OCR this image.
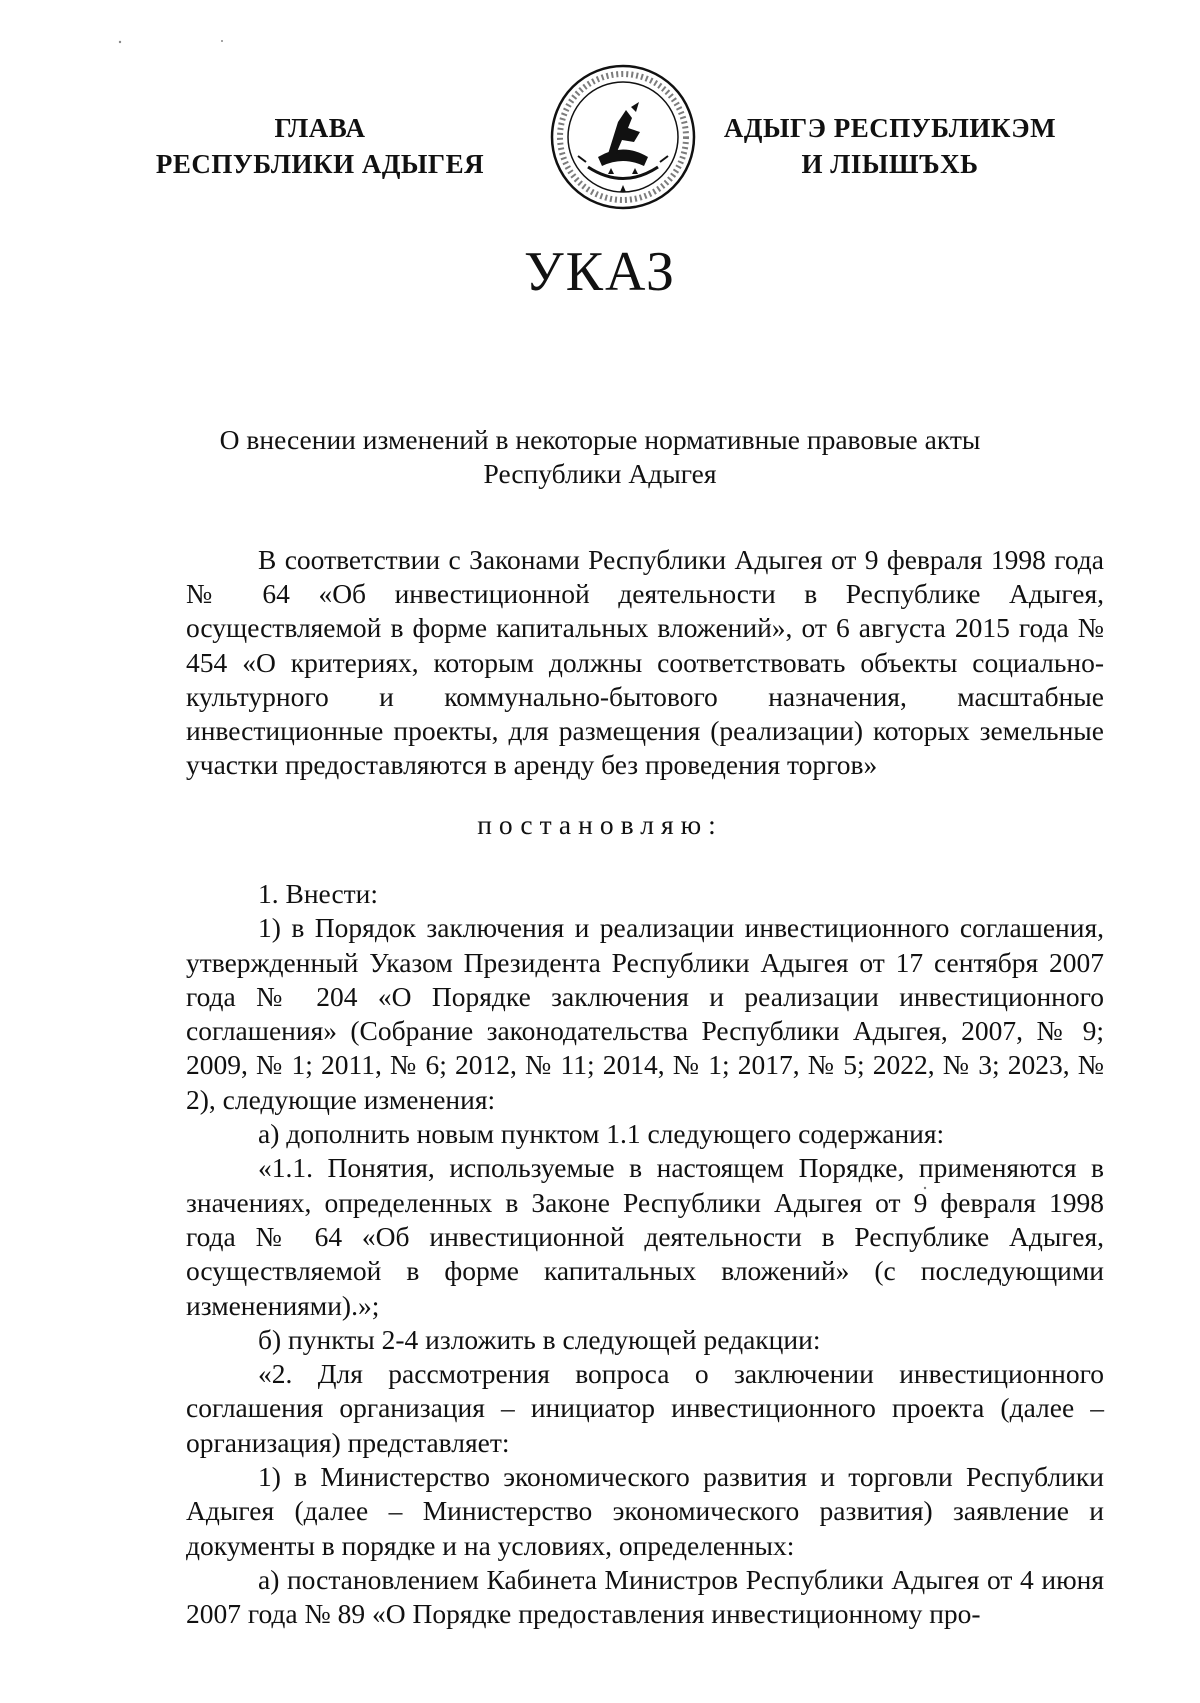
ГЛАВА
РЕСПУБЛИКИ АДЫГЕЯ
АДЫГЭ РЕСПУБЛИКЭМ
И ЛІЫШЪХЬ
УКАЗ
О внесении изменений в некоторые нормативные правовые акты
Республики Адыгея

В соответствии с Законами Республики Адыгея от 9 февраля 1998 года № 64 «Об инвестиционной деятельности в Республике Адыгея, осуществляемой в форме капитальных вложений», от 6 августа 2015 года № 454 «О критериях, которым должны соответствовать объекты социально-культурного и коммунально-бытового назначения, масштабные инвестиционные проекты, для размещения (реализации) которых земельные участки предоставляются в аренду без проведения торгов»

постановляю:

1. Внести:

1) в Порядок заключения и реализации инвестиционного соглашения, утвержденный Указом Президента Республики Адыгея от 17 сентября 2007 года № 204 «О Порядке заключения и реализации инвестиционного соглашения» (Собрание законодательства Республики Адыгея, 2007, № 9; 2009, № 1; 2011, № 6; 2012, № 11; 2014, № 1; 2017, № 5; 2022, № 3; 2023, № 2), следующие изменения:

а) дополнить новым пунктом 1.1 следующего содержания:

«1.1. Понятия, используемые в настоящем Порядке, применяются в значениях, определенных в Законе Республики Адыгея от 9 февраля 1998 года № 64 «Об инвестиционной деятельности в Республике Адыгея, осуществляемой в форме капитальных вложений» (с последующими изменениями).»;

б) пункты 2-4 изложить в следующей редакции:

«2. Для рассмотрения вопроса о заключении инвестиционного соглашения организация – инициатор инвестиционного проекта (далее – организация) представляет:

1) в Министерство экономического развития и торговли Республики Адыгея (далее – Министерство экономического развития) заявление и документы в порядке и на условиях, определенных:

а) постановлением Кабинета Министров Республики Адыгея от 4 июня 2007 года № 89 «О Порядке предоставления инвестиционному про-
